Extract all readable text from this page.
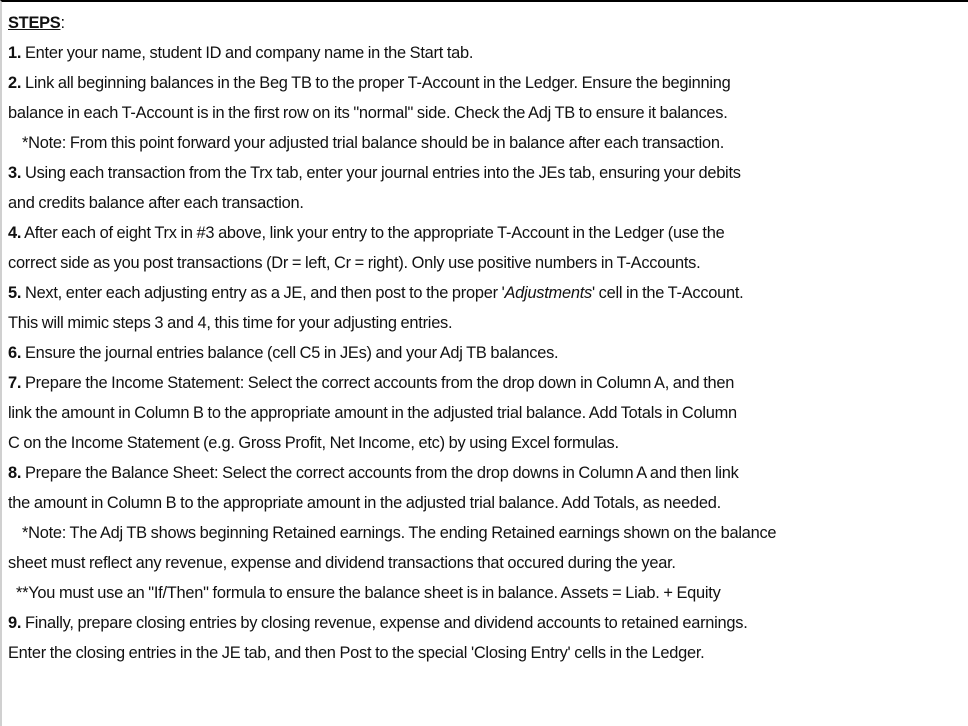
STEPS:
1. Enter your name, student ID and company name in the Start tab.
2. Link all beginning balances in the Beg TB to the proper T-Account in the Ledger. Ensure the beginning
balance in each T-Account is in the first row on its "normal" side. Check the Adj TB to ensure it balances.
*Note: From this point forward your adjusted trial balance should be in balance after each transaction.
3. Using each transaction from the Trx tab, enter your journal entries into the JEs tab, ensuring your debits
and credits balance after each transaction.
4. After each of eight Trx in #3 above, link your entry to the appropriate T-Account in the Ledger (use the
correct side as you post transactions (Dr = left, Cr = right). Only use positive numbers in T-Accounts.
5. Next, enter each adjusting entry as a JE, and then post to the proper 'Adjustments' cell in the T-Account.
This will mimic steps 3 and 4, this time for your adjusting entries.
6. Ensure the journal entries balance (cell C5 in JEs) and your Adj TB balances.
7. Prepare the Income Statement: Select the correct accounts from the drop down in Column A, and then
link the amount in Column B to the appropriate amount in the adjusted trial balance. Add Totals in Column
C on the Income Statement (e.g. Gross Profit, Net Income, etc) by using Excel formulas.
8. Prepare the Balance Sheet: Select the correct accounts from the drop downs in Column A and then link
the amount in Column B to the appropriate amount in the adjusted trial balance. Add Totals, as needed.
*Note: The Adj TB shows beginning Retained earnings. The ending Retained earnings shown on the balance
sheet must reflect any revenue, expense and dividend transactions that occured during the year.
**You must use an "If/Then" formula to ensure the balance sheet is in balance. Assets = Liab. + Equity
9. Finally, prepare closing entries by closing revenue, expense and dividend accounts to retained earnings.
Enter the closing entries in the JE tab, and then Post to the special 'Closing Entry' cells in the Ledger.
